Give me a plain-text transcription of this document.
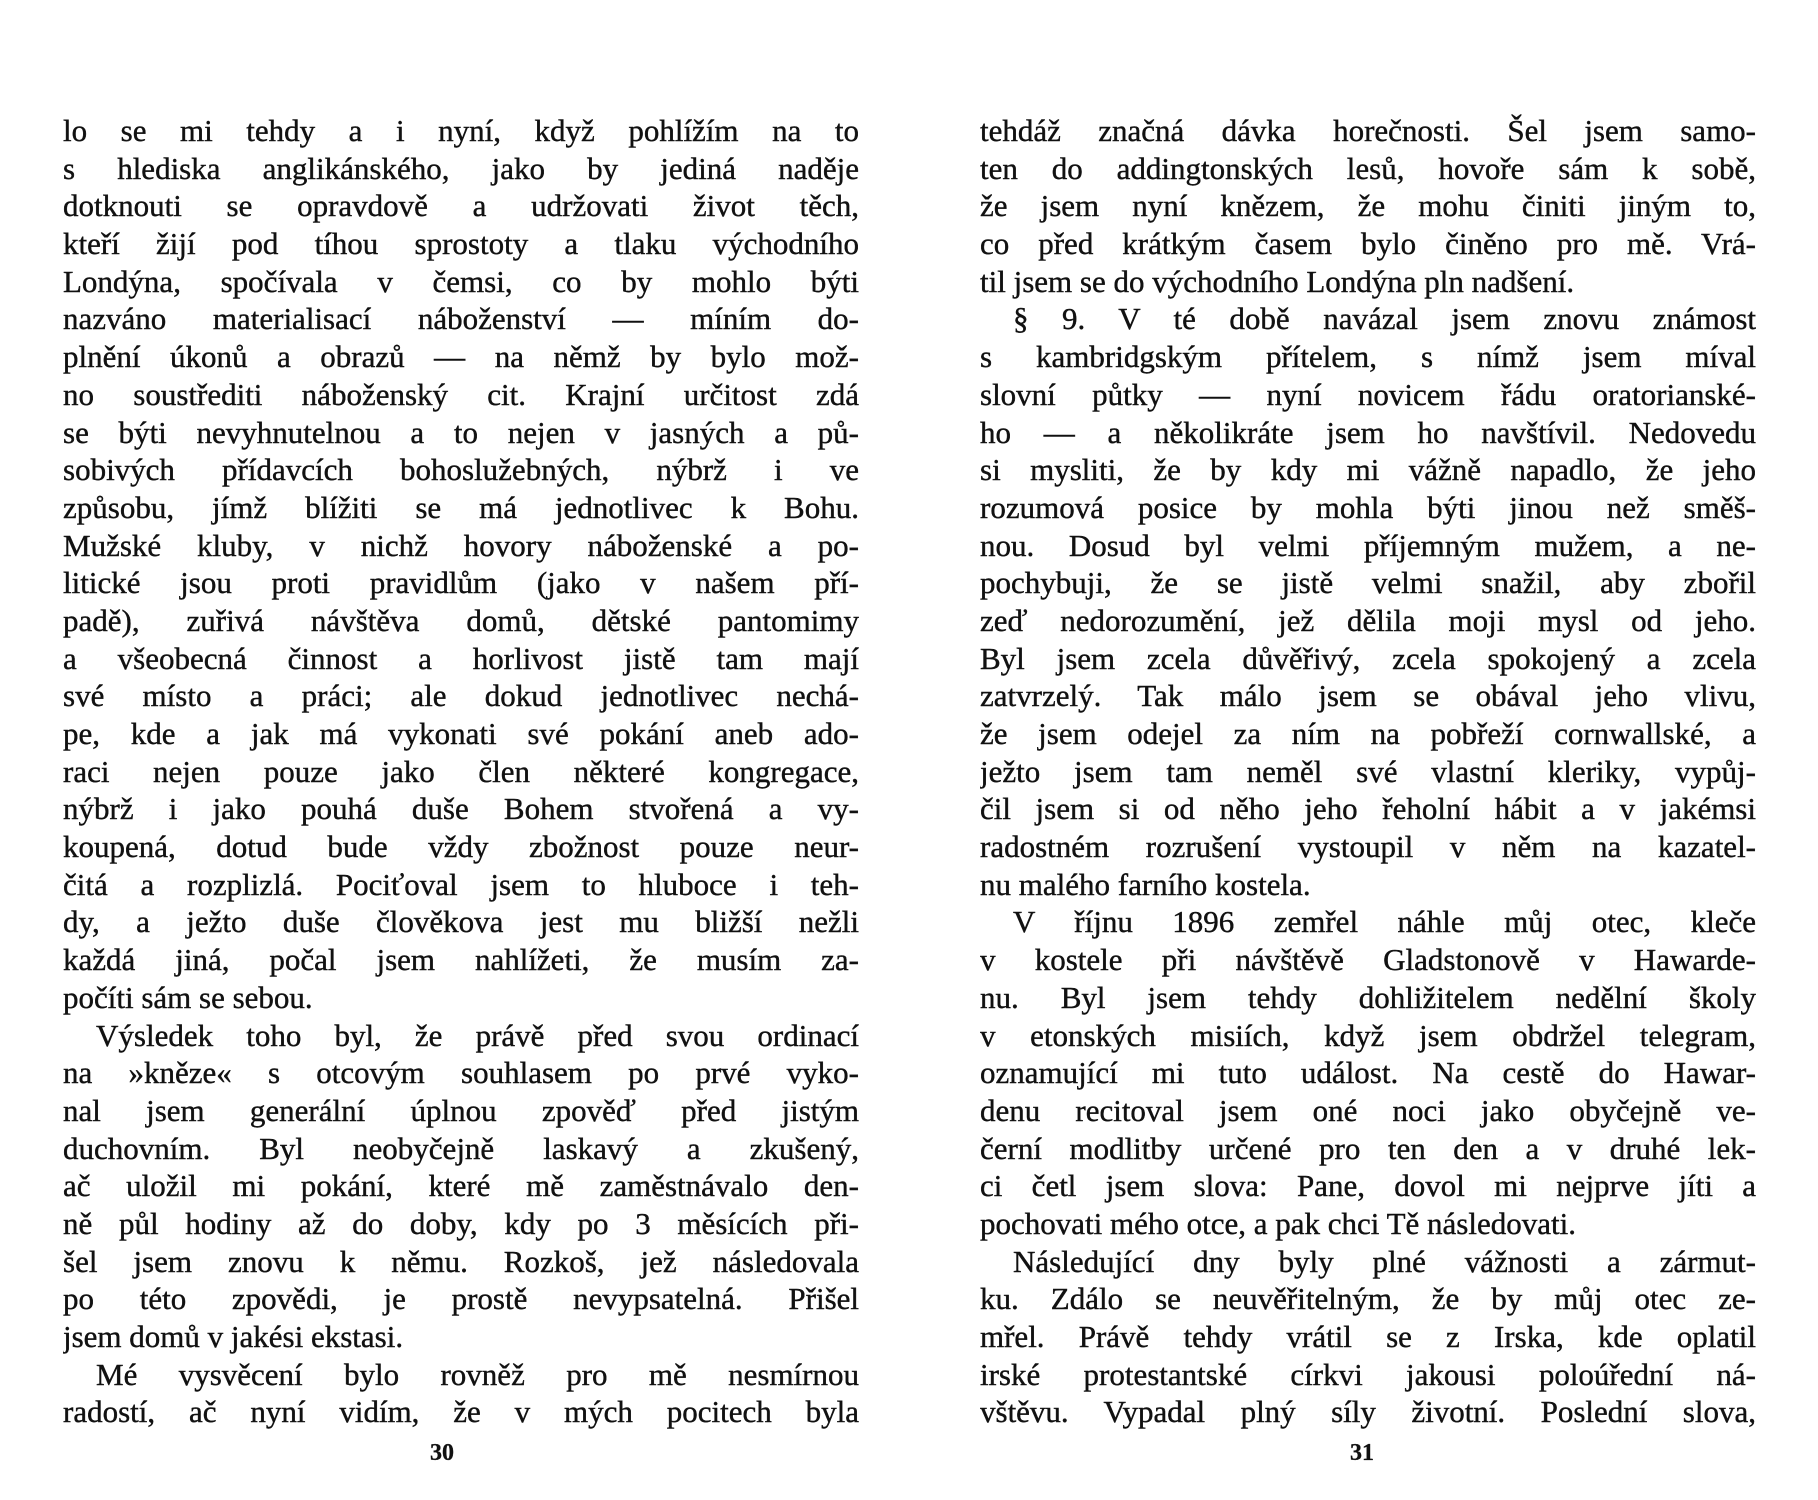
lo se mi tehdy a i nyní, když pohlížím na to
s hlediska anglikánského, jako by jediná naděje
dotknouti se opravdově a udržovati život těch,
kteří žijí pod tíhou sprostoty a tlaku východního
Londýna, spočívala v čemsi, co by mohlo býti
nazváno materialisací náboženství — míním do-
plnění úkonů a obrazů — na němž by bylo mož-
no soustřediti náboženský cit. Krajní určitost zdá
se býti nevyhnutelnou a to nejen v jasných a pů-
sobivých přídavcích bohoslužebných, nýbrž i ve
způsobu, jímž blížiti se má jednotlivec k Bohu.
Mužské kluby, v nichž hovory náboženské a po-
litické jsou proti pravidlům (jako v našem pří-
padě), zuřivá návštěva domů, dětské pantomimy
a všeobecná činnost a horlivost jistě tam mají
své místo a práci; ale dokud jednotlivec nechá-
pe, kde a jak má vykonati své pokání aneb ado-
raci nejen pouze jako člen některé kongregace,
nýbrž i jako pouhá duše Bohem stvořená a vy-
koupená, dotud bude vždy zbožnost pouze neur-
čitá a rozplizlá. Pociťoval jsem to hluboce i teh-
dy, a ježto duše člověkova jest mu bližší nežli
každá jiná, počal jsem nahlížeti, že musím za-
počíti sám se sebou.
Výsledek toho byl, že právě před svou ordinací
na »kněze« s otcovým souhlasem po prvé vyko-
nal jsem generální úplnou zpověď před jistým
duchovním. Byl neobyčejně laskavý a zkušený,
ač uložil mi pokání, které mě zaměstnávalo den-
ně půl hodiny až do doby, kdy po 3 měsících při-
šel jsem znovu k němu. Rozkoš, jež následovala
po této zpovědi, je prostě nevypsatelná. Přišel
jsem domů v jakési ekstasi.
Mé vysvěcení bylo rovněž pro mě nesmírnou
radostí, ač nyní vidím, že v mých pocitech byla
tehdáž značná dávka horečnosti. Šel jsem samo-
ten do addingtonských lesů, hovoře sám k sobě,
že jsem nyní knězem, že mohu činiti jiným to,
co před krátkým časem bylo činěno pro mě. Vrá-
til jsem se do východního Londýna pln nadšení.
§ 9. V té době navázal jsem znovu známost
s kambridgským přítelem, s nímž jsem míval
slovní půtky — nyní novicem řádu oratorianské-
ho — a několikráte jsem ho navštívil. Nedovedu
si mysliti, že by kdy mi vážně napadlo, že jeho
rozumová posice by mohla býti jinou než směš-
nou. Dosud byl velmi příjemným mužem, a ne-
pochybuji, že se jistě velmi snažil, aby zbořil
zeď nedorozumění, jež dělila moji mysl od jeho.
Byl jsem zcela důvěřivý, zcela spokojený a zcela
zatvrzelý. Tak málo jsem se obával jeho vlivu,
že jsem odejel za ním na pobřeží cornwallské, a
ježto jsem tam neměl své vlastní kleriky, vypůj-
čil jsem si od něho jeho řeholní hábit a v jakémsi
radostném rozrušení vystoupil v něm na kazatel-
nu malého farního kostela.
V říjnu 1896 zemřel náhle můj otec, kleče
v kostele při návštěvě Gladstonově v Hawarde-
nu. Byl jsem tehdy dohližitelem nedělní školy
v etonských misiích, když jsem obdržel telegram,
oznamující mi tuto událost. Na cestě do Hawar-
denu recitoval jsem oné noci jako obyčejně ve-
černí modlitby určené pro ten den a v druhé lek-
ci četl jsem slova: Pane, dovol mi nejprve jíti a
pochovati mého otce, a pak chci Tě následovati.
Následující dny byly plné vážnosti a zármut-
ku. Zdálo se neuvěřitelným, že by můj otec ze-
mřel. Právě tehdy vrátil se z Irska, kde oplatil
irské protestantské církvi jakousi poloúřední ná-
vštěvu. Vypadal plný síly životní. Poslední slova,
30	31
